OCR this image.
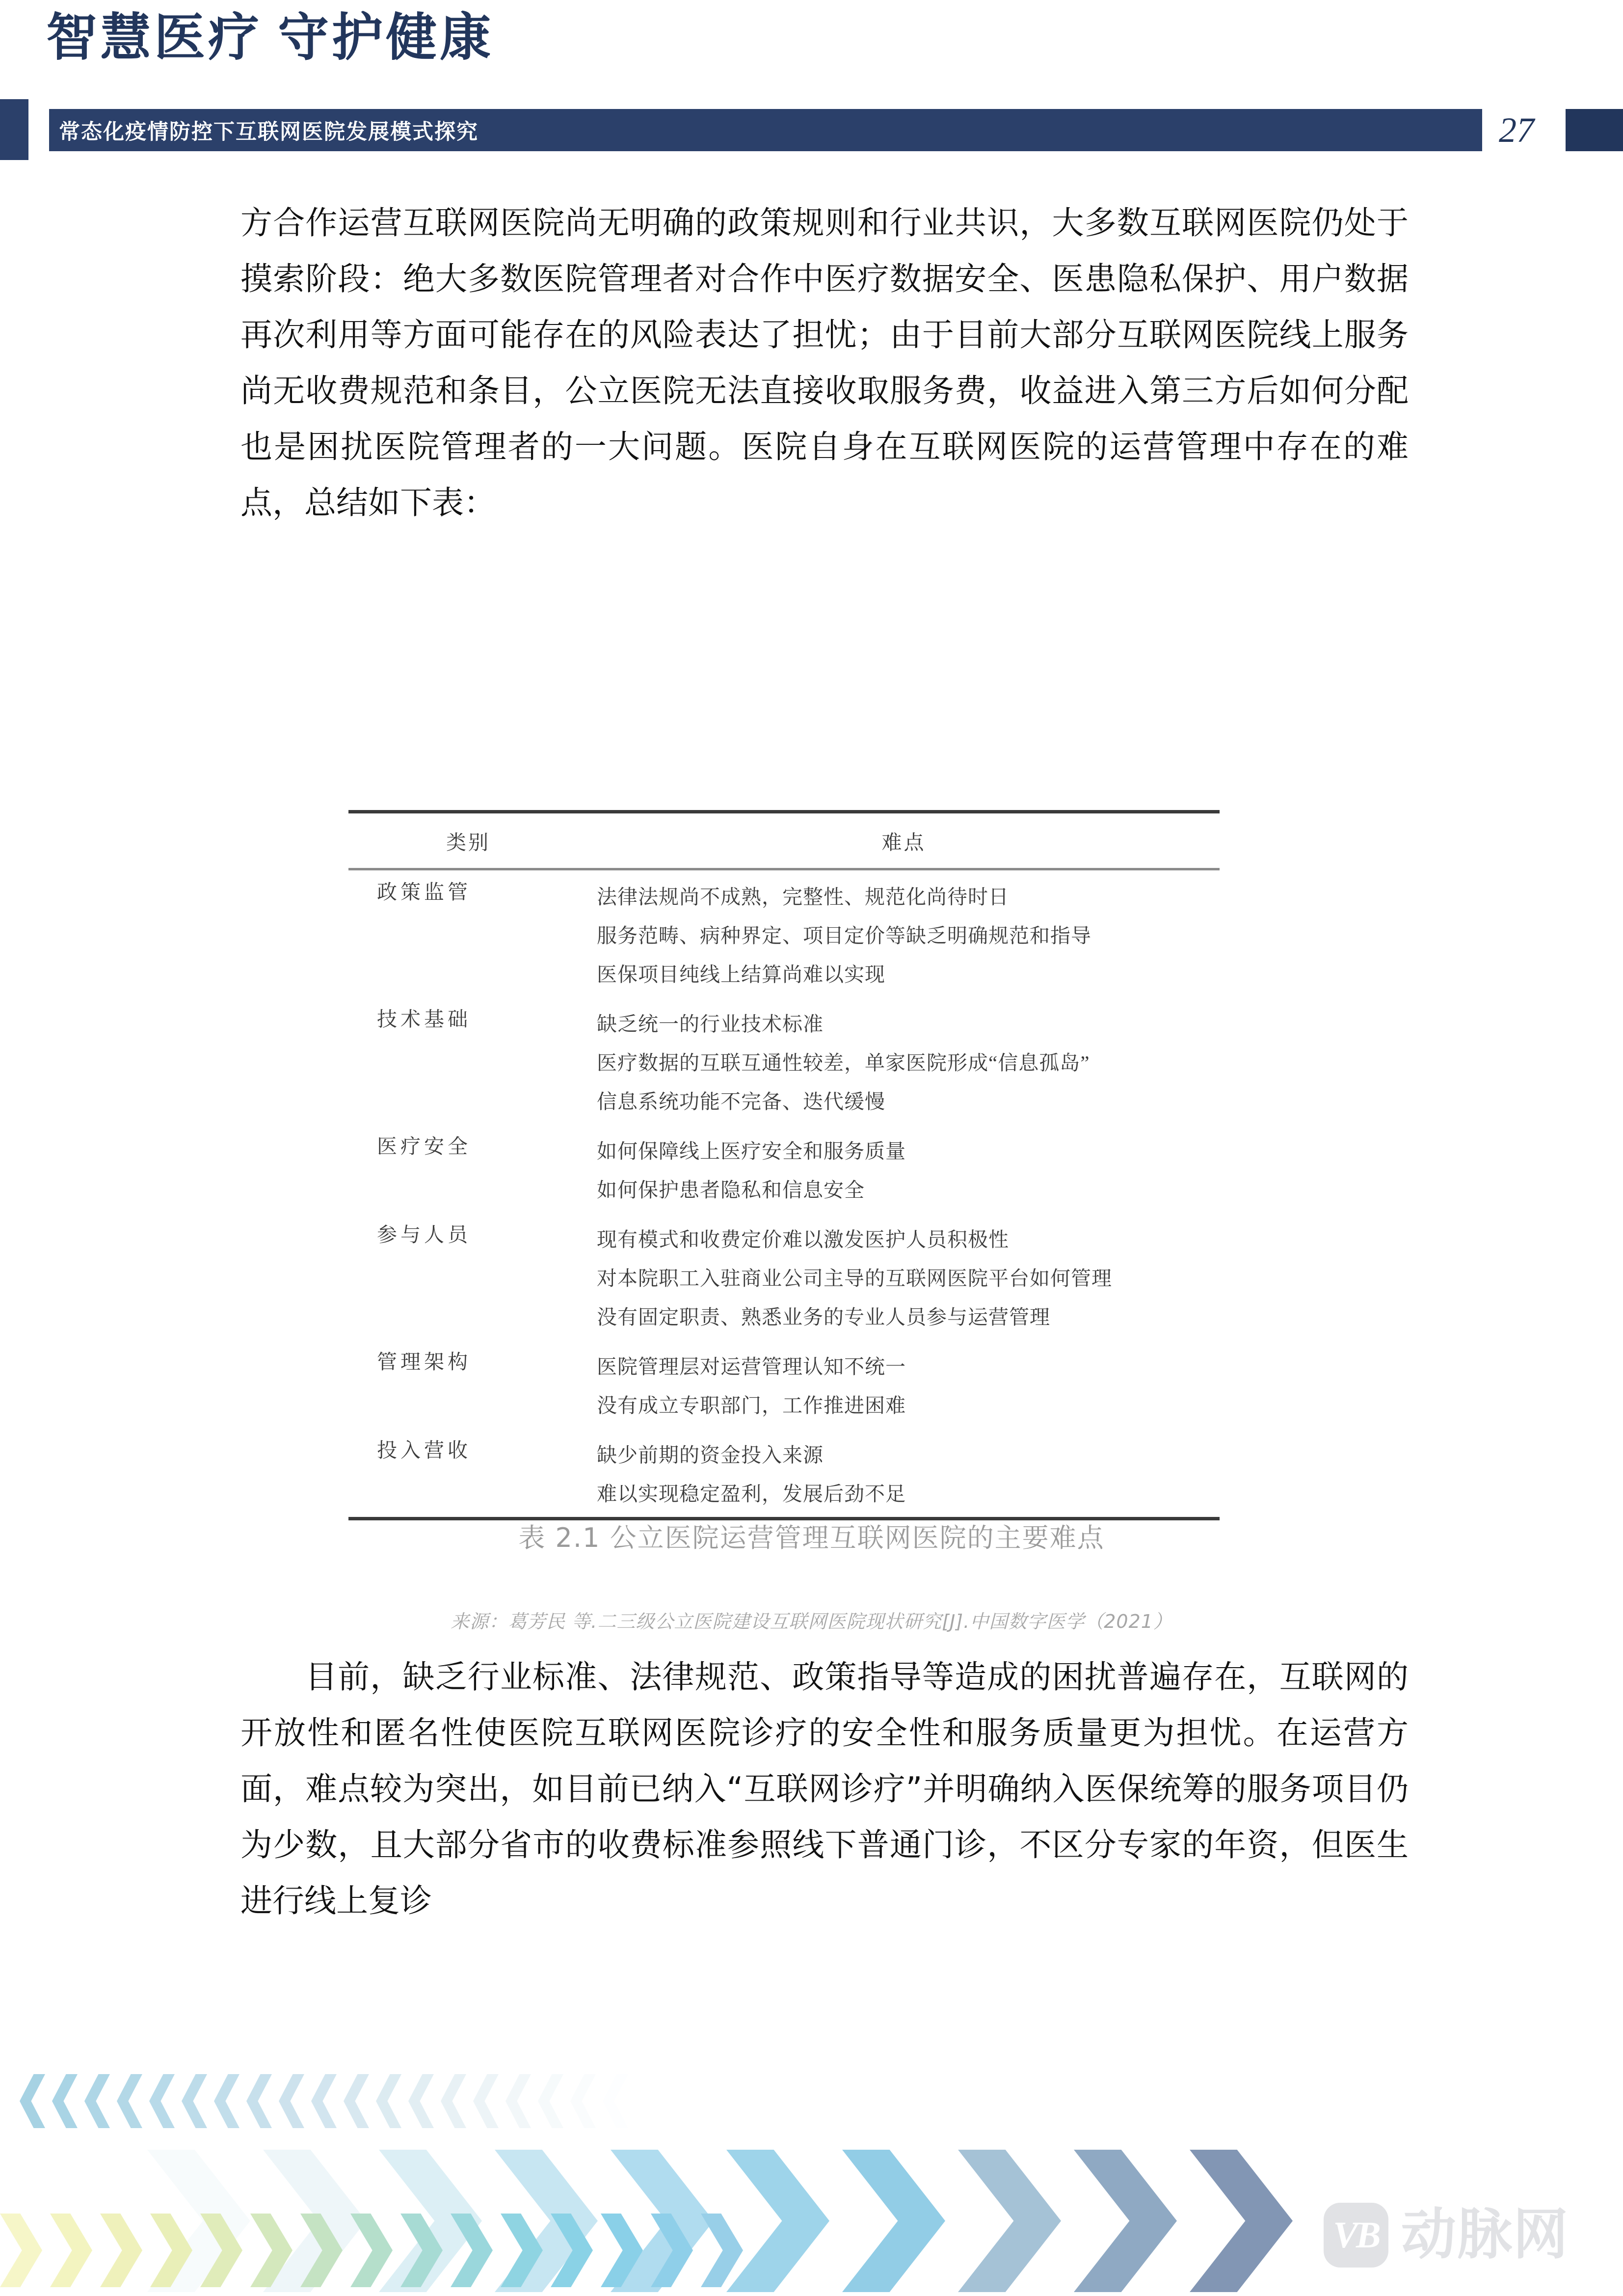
智慧医疗 守护健康
常态化疫情防控下互联网医院发展模式探究	27

方合作运营互联网医院尚无明确的政策规则和行业共识，大多数互联网医院仍处于摸索阶段：绝大多数医院管理者对合作中医疗数据安全、医患隐私保护、用户数据再次利用等方面可能存在的风险表达了担忧；由于目前大部分互联网医院线上服务尚无收费规范和条目，公立医院无法直接收取服务费，收益进入第三方后如何分配也是困扰医院管理者的一大问题。医院自身在互联网医院的运营管理中存在的难点，总结如下表：

类别	难点
政策监管	法律法规尚不成熟，完整性、规范化尚待时日
服务范畴、病种界定、项目定价等缺乏明确规范和指导
医保项目纯线上结算尚难以实现

技术基础	缺乏统一的行业技术标准
医疗数据的互联互通性较差，单家医院形成“信息孤岛”
信息系统功能不完备、迭代缓慢

医疗安全	如何保障线上医疗安全和服务质量
如何保护患者隐私和信息安全

参与人员	现有模式和收费定价难以激发医护人员积极性
对本院职工入驻商业公司主导的互联网医院平台如何管理
没有固定职责、熟悉业务的专业人员参与运营管理

管理架构	医院管理层对运营管理认知不统一
没有成立专职部门，工作推进困难

投入营收	缺少前期的资金投入来源
难以实现稳定盈利，发展后劲不足
表 2.1 公立医院运营管理互联网医院的主要难点
来源：葛芳民 等.二三级公立医院建设互联网医院现状研究[J].中国数字医学（2021）

目前，缺乏行业标准、法律规范、政策指导等造成的困扰普遍存在，互联网的开放性和匿名性使医院互联网医院诊疗的安全性和服务质量更为担忧。在运营方面，难点较为突出，如目前已纳入“互联网诊疗”并明确纳入医保统筹的服务项目仍为少数，且大部分省市的收费标准参照线下普通门诊，不区分专家的年资，但医生进行线上复诊

VB 动脉网
